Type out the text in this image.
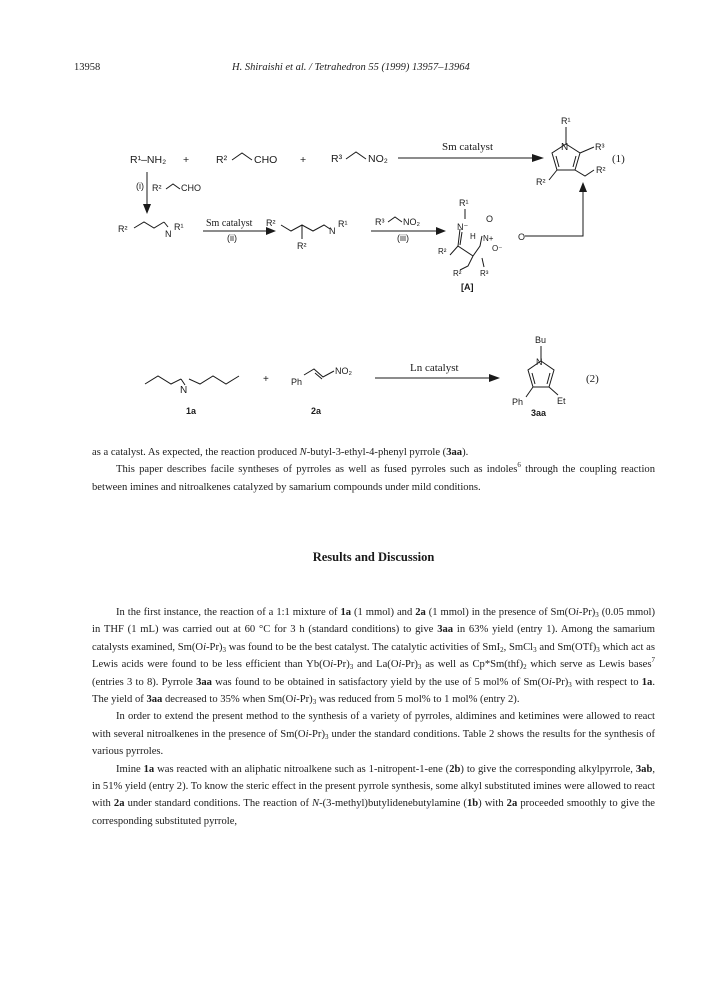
13958	H. Shiraishi et al. / Tetrahedron 55 (1999) 13957–13964
R¹–NH₂ +	R²	CHO + R³ NO₂
Sm catalyst
(1)
R¹
N	R³
R²
R²
(i) R² CHO
R²	N
R¹ Sm catalyst
(ii)
R²
N
R¹
R²
R³ NO₂
(iii)
R¹
N⁻
O
H N+
O⁻
R²
R³
R²
[A]
O
N
+ Ph
NO₂	Ln catalyst
Bu
N
Ph	Et
(2)
1a	2a	3aa

as a catalyst. As expected, the reaction produced N-butyl-3-ethyl-4-phenyl pyrrole (3aa).

This paper describes facile syntheses of pyrroles as well as fused pyrroles such as indoles$^6$ through the coupling reaction between imines and nitroalkenes catalyzed by samarium compounds under mild conditions.

Results and Discussion

In the first instance, the reaction of a 1:1 mixture of 1a (1 mmol) and 2a (1 mmol) in the presence of $Sm(Oi-Pr)_3$ (0.05 mmol) in THF (1 mL) was carried out at 60 °C for 3 h (standard conditions) to give 3aa in 63% yield (entry 1). Among the samarium catalysts examined, $Sm(Oi-Pr)_3$ was found to be the best catalyst. The catalytic activities of SmI$_2$, SmCl$_3$ and $Sm(OTf)_3$ which act as Lewis acids were found to be less efficient than $Yb(Oi-Pr)_3$ and $La(Oi-Pr)_3$ as well as $Cp*Sm(thf)_2$ which serve as Lewis bases$^7$ (entries 3 to 8). Pyrrole 3aa was found to be obtained in satisfactory yield by the use of 5 mol% of $Sm(Oi-Pr)_3$ with respect to 1a. The yield of 3aa decreased to 35% when $Sm(Oi-Pr)_3$ was reduced from 5 mol% to 1 mol% (entry 2).

In order to extend the present method to the synthesis of a variety of pyrroles, aldimines and ketimines were allowed to react with several nitroalkenes in the presence of $Sm(Oi-Pr)_3$ under the standard conditions. Table 2 shows the results for the synthesis of various pyrroles.

Imine 1a was reacted with an aliphatic nitroalkene such as 1-nitropent-1-ene (2b) to give the corresponding alkylpyrrole, 3ab, in 51% yield (entry 2). To know the steric effect in the present pyrrole synthesis, some alkyl substituted imines were allowed to react with 2a under standard conditions. The reaction of N-(3-methyl)butylidenebutylamine (1b) with 2a proceeded smoothly to give the corresponding substituted pyrrole,
